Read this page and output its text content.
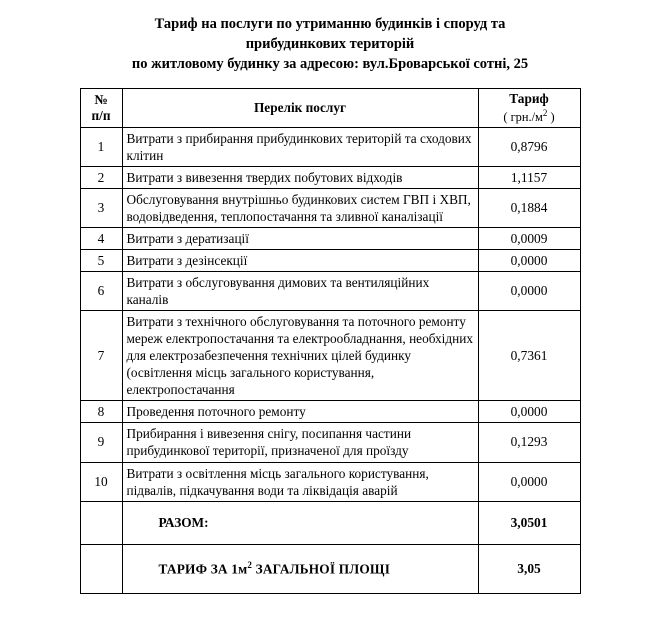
Тариф на послуги по утриманню будинків і споруд та
прибудинкових територій
по житловому будинку за адресою: вул.Броварської сотні, 25
№
п/п	Перелік послуг	Тариф
( $грн./м^2$ )

1	Витрати з прибирання прибудинкових територій та сходових клітин	0,8796
2	Витрати з вивезення твердих побутових відходів	1,1157
3	Обслуговування внутрішньо будинкових систем ГВП і ХВП, водовідведення, теплопостачання та зливної каналізації	0,1884
4	Витрати з дератизації	0,0009
5	Витрати з дезінсекції	0,0000
6	Витрати з обслуговування димових та вентиляційних каналів	0,0000
7	Витрати з технічного обслуговування та поточного ремонту мереж електропостачання та електрообладнання, необхідних для електрозабезпечення технічних цілей будинку (освітлення місць загального користування, електропостачання	0,7361
8	Проведення поточного ремонту	0,0000
9	Прибирання і вивезення снігу, посипання частини прибудинкової території, призначеної для проїзду	0,1293
10	Витрати з освітлення місць загального користування, підвалів, підкачування води та ліквідація аварій	0,0000
	РАЗОМ:	3,0501
	ТАРИФ ЗА $1м^2$ ЗАГАЛЬНОЇ ПЛОЩІ	3,05
